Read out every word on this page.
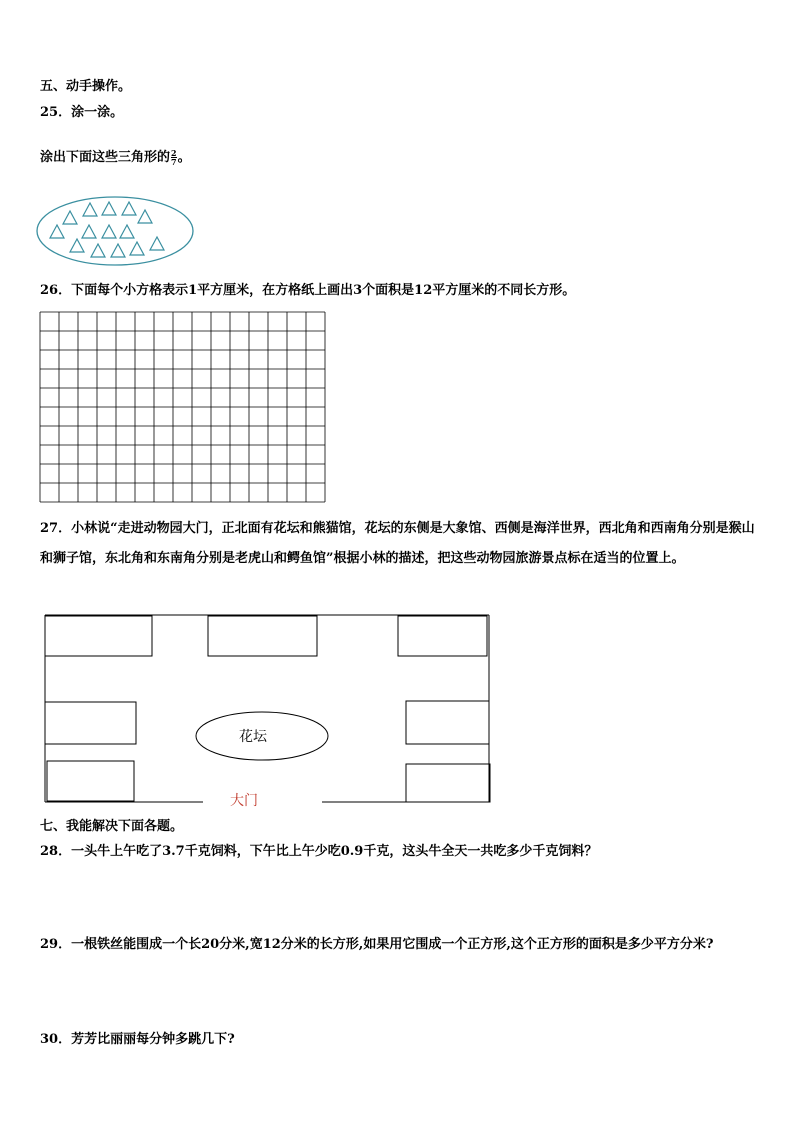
五、动手操作。
25．涂一涂。
涂出下面这些三角形的 $\frac{2}{7}$ 。
26．下面每个小方格表示1平方厘米，在方格纸上画出3个面积是12平方厘米的不同长方形。
27．小林说“走进动物园大门，正北面有花坛和熊猫馆，花坛的东侧是大象馆、西侧是海洋世界，西北角和西南角分别是猴山和狮子馆，东北角和东南角分别是老虎山和鳄鱼馆”根据小林的描述，把这些动物园旅游景点标在适当的位置上。
花坛
大门
七、我能解决下面各题。
28．一头牛上午吃了3.7千克饲料，下午比上午少吃0.9千克，这头牛全天一共吃多少千克饲料？
29．一根铁丝能围成一个长20分米,宽12分米的长方形,如果用它围成一个正方形,这个正方形的面积是多少平方分米?
30．芳芳比丽丽每分钟多跳几下?
